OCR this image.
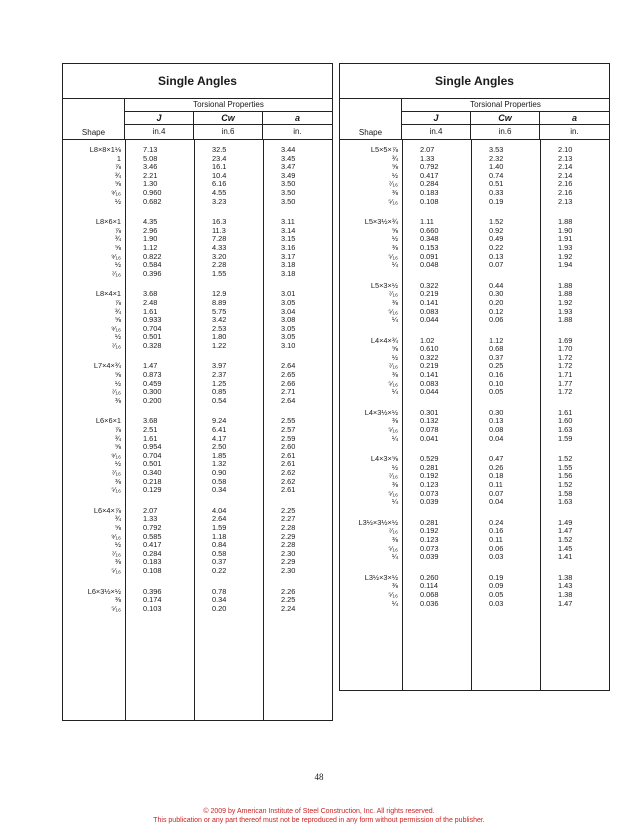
Single Angles
Shape
Torsional Properties
J	Cw	a
in.4	in.6	in.
L8×8×1⅛	7.13	32.5	3.44
1	5.08	23.4	3.45
⅞	3.46	16.1	3.47
¾	2.21	10.4	3.49
⅝	1.30	6.16	3.50
⁹⁄₁₆	0.960	4.55	3.50
½	0.682	3.23	3.50
L8×6×1	4.35	16.3	3.11
⅞	2.96	11.3	3.14
¾	1.90	7.28	3.15
⅝	1.12	4.33	3.16
⁹⁄₁₆	0.822	3.20	3.17
½	0.584	2.28	3.18
⁷⁄₁₆	0.396	1.55	3.18
L8×4×1	3.68	12.9	3.01
⅞	2.48	8.89	3.05
¾	1.61	5.75	3.04
⅝	0.933	3.42	3.08
⁹⁄₁₆	0.704	2.53	3.05
½	0.501	1.80	3.05
⁷⁄₁₆	0.328	1.22	3.10
L7×4×¾	1.47	3.97	2.64
⅝	0.873	2.37	2.65
½	0.459	1.25	2.66
⁷⁄₁₆	0.300	0.85	2.71
⅜	0.200	0.54	2.64
L6×6×1	3.68	9.24	2.55
⅞	2.51	6.41	2.57
¾	1.61	4.17	2.59
⅝	0.954	2.50	2.60
⁹⁄₁₆	0.704	1.85	2.61
½	0.501	1.32	2.61
⁷⁄₁₆	0.340	0.90	2.62
⅜	0.218	0.58	2.62
⁵⁄₁₆	0.129	0.34	2.61
L6×4×⅞	2.07	4.04	2.25
¾	1.33	2.64	2.27
⅝	0.792	1.59	2.28
⁹⁄₁₆	0.585	1.18	2.29
½	0.417	0.84	2.28
⁷⁄₁₆	0.284	0.58	2.30
⅜	0.183	0.37	2.29
⁵⁄₁₆	0.108	0.22	2.30
L6×3½×½	0.396	0.78	2.26
⅜	0.174	0.34	2.25
⁵⁄₁₆	0.103	0.20	2.24
Single Angles
Shape
Torsional Properties
J	Cw	a
in.4	in.6	in.
L5×5×⅞	2.07	3.53	2.10
¾	1.33	2.32	2.13
⅝	0.792	1.40	2.14
½	0.417	0.74	2.14
⁷⁄₁₆	0.284	0.51	2.16
⅜	0.183	0.33	2.16
⁵⁄₁₆	0.108	0.19	2.13
L5×3½×¾	1.11	1.52	1.88
⅝	0.660	0.92	1.90
½	0.348	0.49	1.91
⅜	0.153	0.22	1.93
⁵⁄₁₆	0.091	0.13	1.92
¼	0.048	0.07	1.94
L5×3×½	0.322	0.44	1.88
⁷⁄₁₆	0.219	0.30	1.88
⅜	0.141	0.20	1.92
⁵⁄₁₆	0.083	0.12	1.93
¼	0.044	0.06	1.88
L4×4×¾	1.02	1.12	1.69
⅝	0.610	0.68	1.70
½	0.322	0.37	1.72
⁷⁄₁₆	0.219	0.25	1.72
⅜	0.141	0.16	1.71
⁵⁄₁₆	0.083	0.10	1.77
¼	0.044	0.05	1.72
L4×3½×½	0.301	0.30	1.61
⅜	0.132	0.13	1.60
⁵⁄₁₆	0.078	0.08	1.63
¼	0.041	0.04	1.59
L4×3×⅝	0.529	0.47	1.52
½	0.281	0.26	1.55
⁷⁄₁₆	0.192	0.18	1.56
⅜	0.123	0.11	1.52
⁵⁄₁₆	0.073	0.07	1.58
¼	0.039	0.04	1.63
L3½×3½×½	0.281	0.24	1.49
⁷⁄₁₆	0.192	0.16	1.47
⅜	0.123	0.11	1.52
⁵⁄₁₆	0.073	0.06	1.45
¼	0.039	0.03	1.41
L3½×3×½	0.260	0.19	1.38
⅜	0.114	0.09	1.43
⁵⁄₁₆	0.068	0.05	1.38
¼	0.036	0.03	1.47
48
© 2009 by American Institute of Steel Construction, Inc. All rights reserved.
This publication or any part thereof must not be reproduced in any form without permission of the publisher.
